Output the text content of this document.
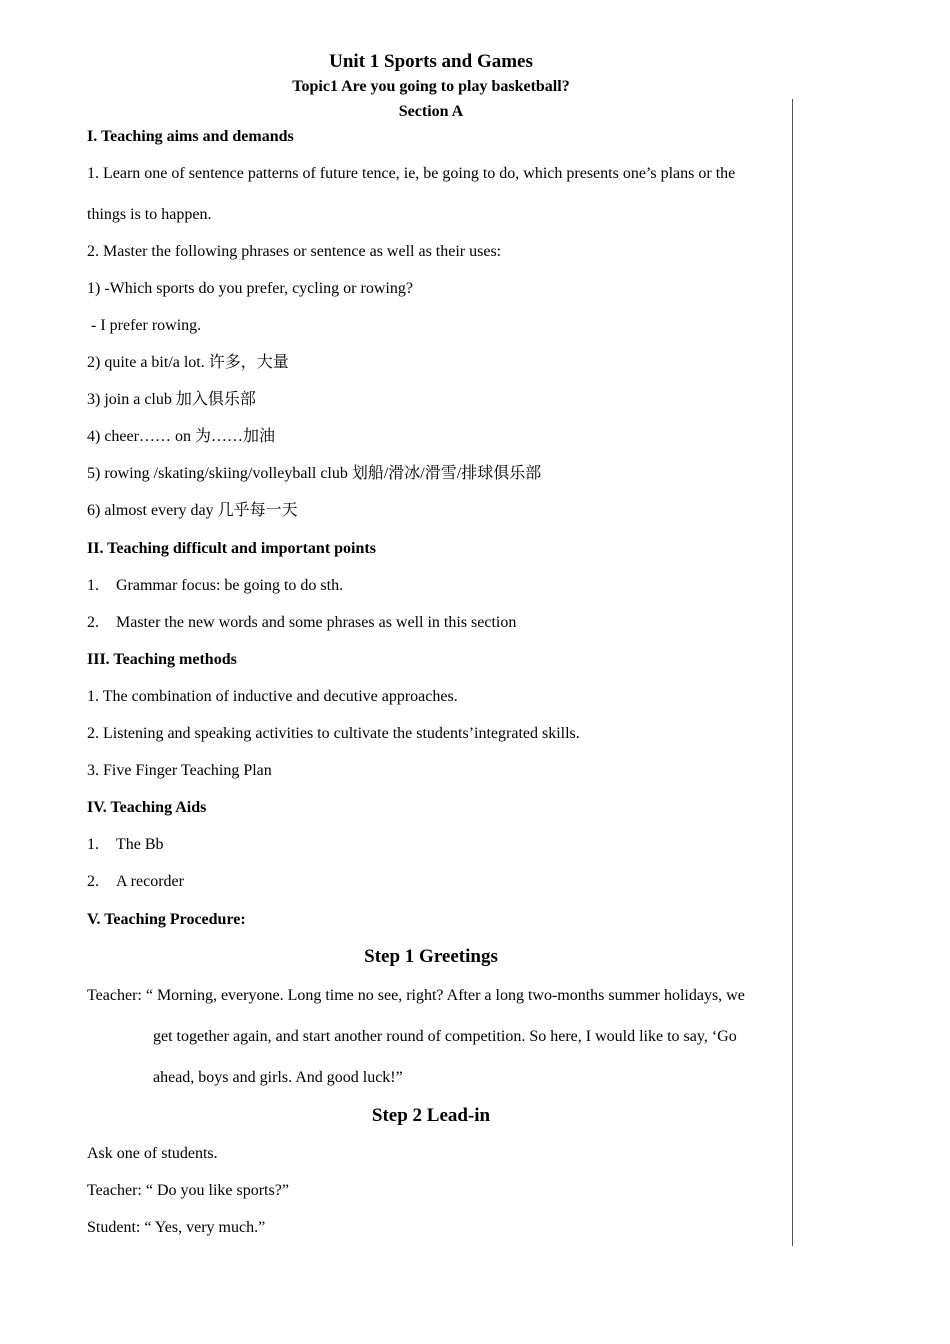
Unit 1 Sports and Games
Topic1 Are you going to play basketball?
Section A
I. Teaching aims and demands
1. Learn one of sentence patterns of future tence, ie, be going to do, which presents one’s plans or the
things is to happen.
2. Master the following phrases or sentence as well as their uses:
1) -Which sports do you prefer, cycling or rowing?
- I prefer rowing.
2) quite a bit/a lot. 许多，大量
3) join a club 加入俱乐部
4) cheer…… on 为……加油
5) rowing /skating/skiing/volleyball club 划船/滑冰/滑雪/排球俱乐部
6) almost every day 几乎每一天
II. Teaching difficult and important points
1. Grammar focus: be going to do sth.
2. Master the new words and some phrases as well in this section
III. Teaching methods
1. The combination of inductive and decutive approaches.
2. Listening and speaking activities to cultivate the students’integrated skills.
3. Five Finger Teaching Plan
IV. Teaching Aids
1. The Bb
2. A recorder
V. Teaching Procedure:
Step 1 Greetings
Teacher: “ Morning, everyone. Long time no see, right? After a long two-months summer holidays, we
get together again, and start another round of competition. So here, I would like to say, ‘Go
ahead, boys and girls. And good luck!”
Step 2 Lead-in
Ask one of students.
Teacher: “ Do you like sports?”
Student: “ Yes, very much.”
